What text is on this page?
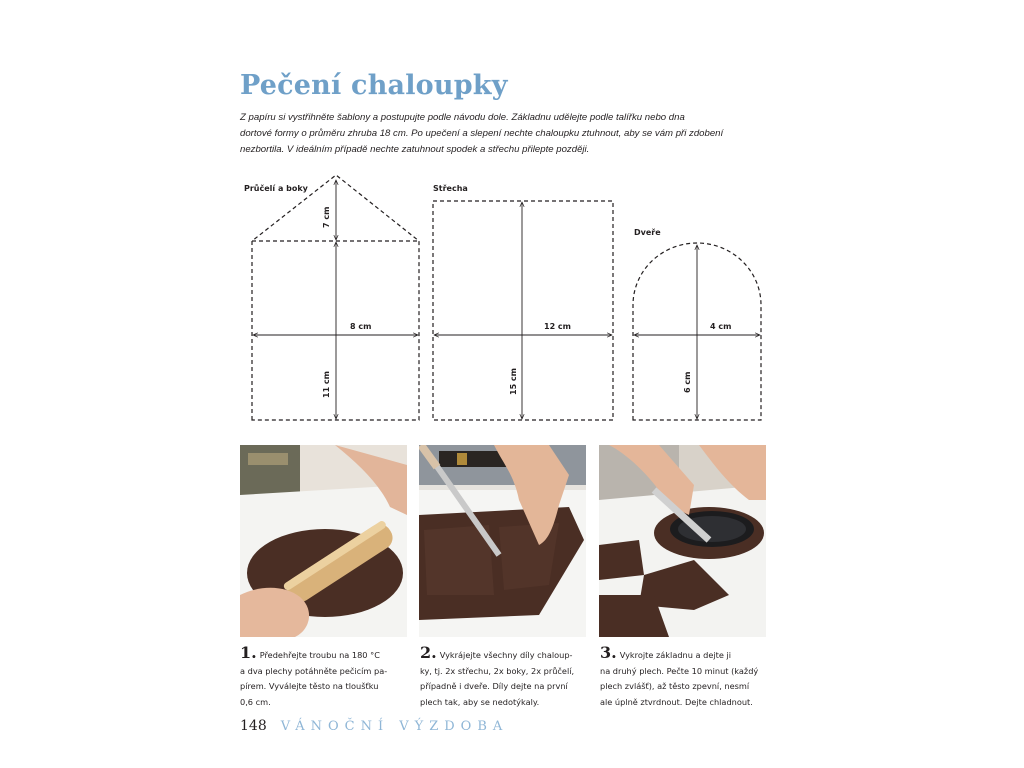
Pečení chaloupky

Z papíru si vystřihněte šablony a postupujte podle návodu dole. Základnu udělejte podle talířku nebo dna
dortové formy o průměru zhruba 18 cm. Po upečení a slepení nechte chaloupku ztuhnout, aby se vám při zdobení
nezbortila. V ideálním případě nechte zatuhnout spodek a střechu přilepte později.

Průčelí a boky
8 cm
7 cm
11 cm
Střecha
12 cm
15 cm
Dveře
4 cm
6 cm
1. Předehřejte troubu na 180 °C
a dva plechy potáhněte pečicím pa-
pírem. Vyválejte těsto na tloušťku
0,6 cm.
2. Vykrájejte všechny díly chaloup-
ky, tj. 2x střechu, 2x boky, 2x průčelí,
případně i dveře. Díly dejte na první
plech tak, aby se nedotýkaly.
3. Vykrojte základnu a dejte ji
na druhý plech. Pečte 10 minut (každý
plech zvlášť), až těsto zpevní, nesmí
ale úplně ztvrdnout. Dejte chladnout.
148 VÁNOČNÍ VÝZDOBA
